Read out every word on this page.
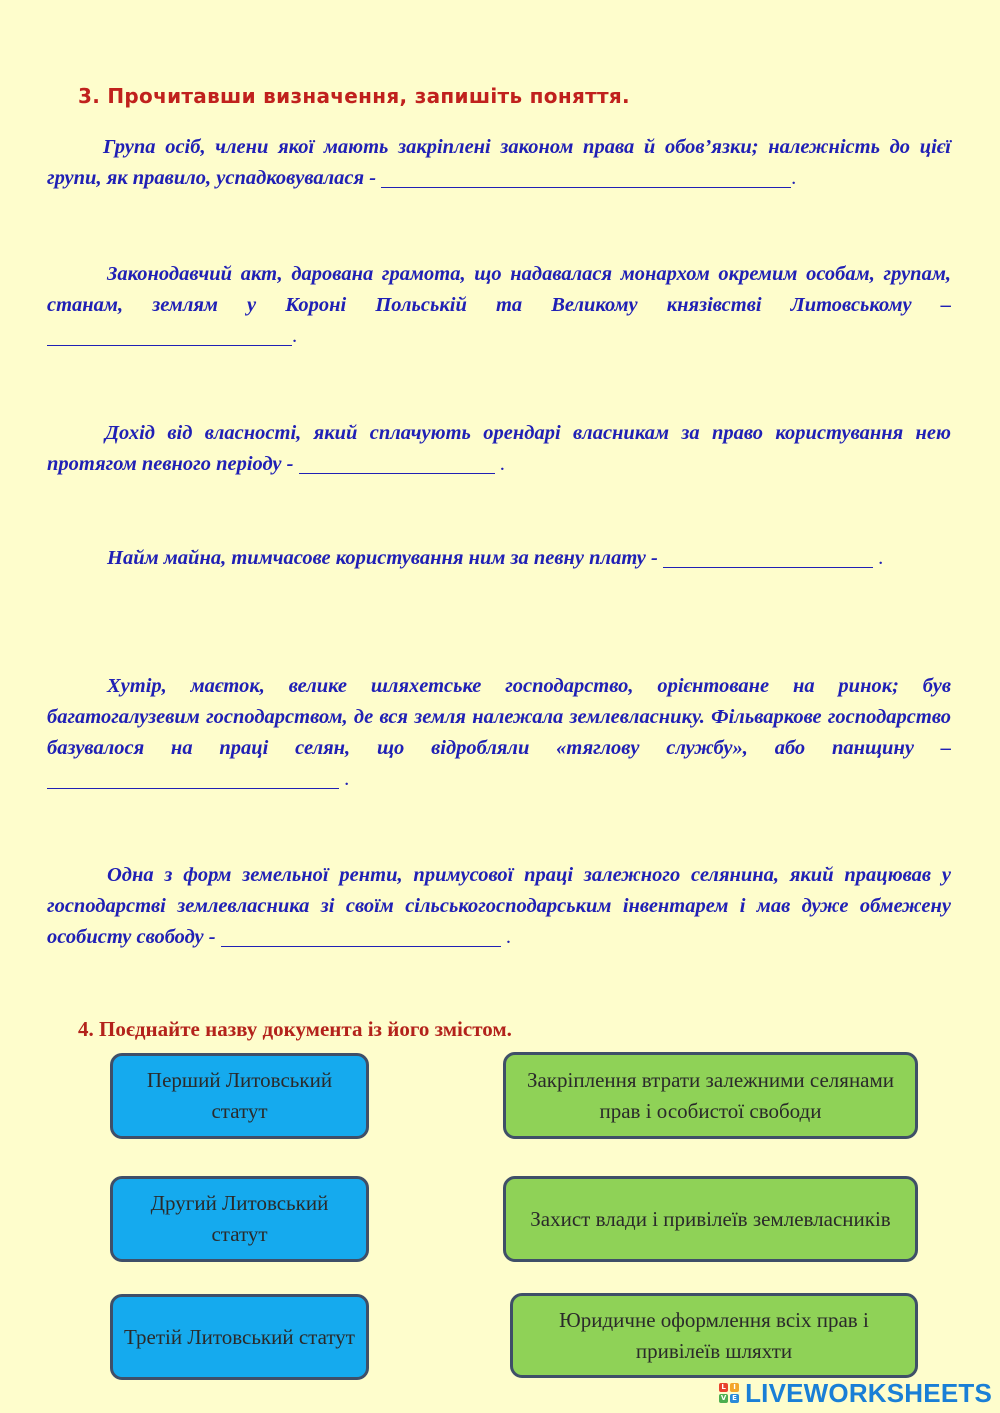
3. Прочитавши визначення, запишіть поняття.
Група осіб, члени якої мають закріплені законом права й обов’язки; належність до цієї групи, як правило, успадковувалася -	.
Законодавчий акт, дарована грамота, що надавалася монархом окремим особам, групам, станам, землям у Короні Польській та Великому князівстві Литовському – .
Дохід від власності, який сплачують орендарі власникам за право користування нею протягом певного періоду -	.
Найм майна, тимчасове користування ним за певну плату -	.
Хутір, маєток, велике шляхетське господарство, орієнтоване на ринок; був багатогалузевим господарством, де вся земля належала землевласнику. Фільваркове господарство базувалося на праці селян, що відробляли «тяглову службу», або панщину –  .
Одна з форм земельної ренти, примусової праці залежного селянина, який працював у господарстві землевласника зі своїм сільськогосподарським інвентарем і мав дуже обмежену особисту свободу -	.
4. Поєднайте назву документа із його змістом.
Перший Литовський статут
Другий Литовський статут
Третій Литовський статут
Закріплення втрати залежними селянами прав і особистої свободи
Захист влади і привілеїв землевласників
Юридичне оформлення всіх прав і привілеїв шляхти
L	I
V E LIVEWORKSHEETS
